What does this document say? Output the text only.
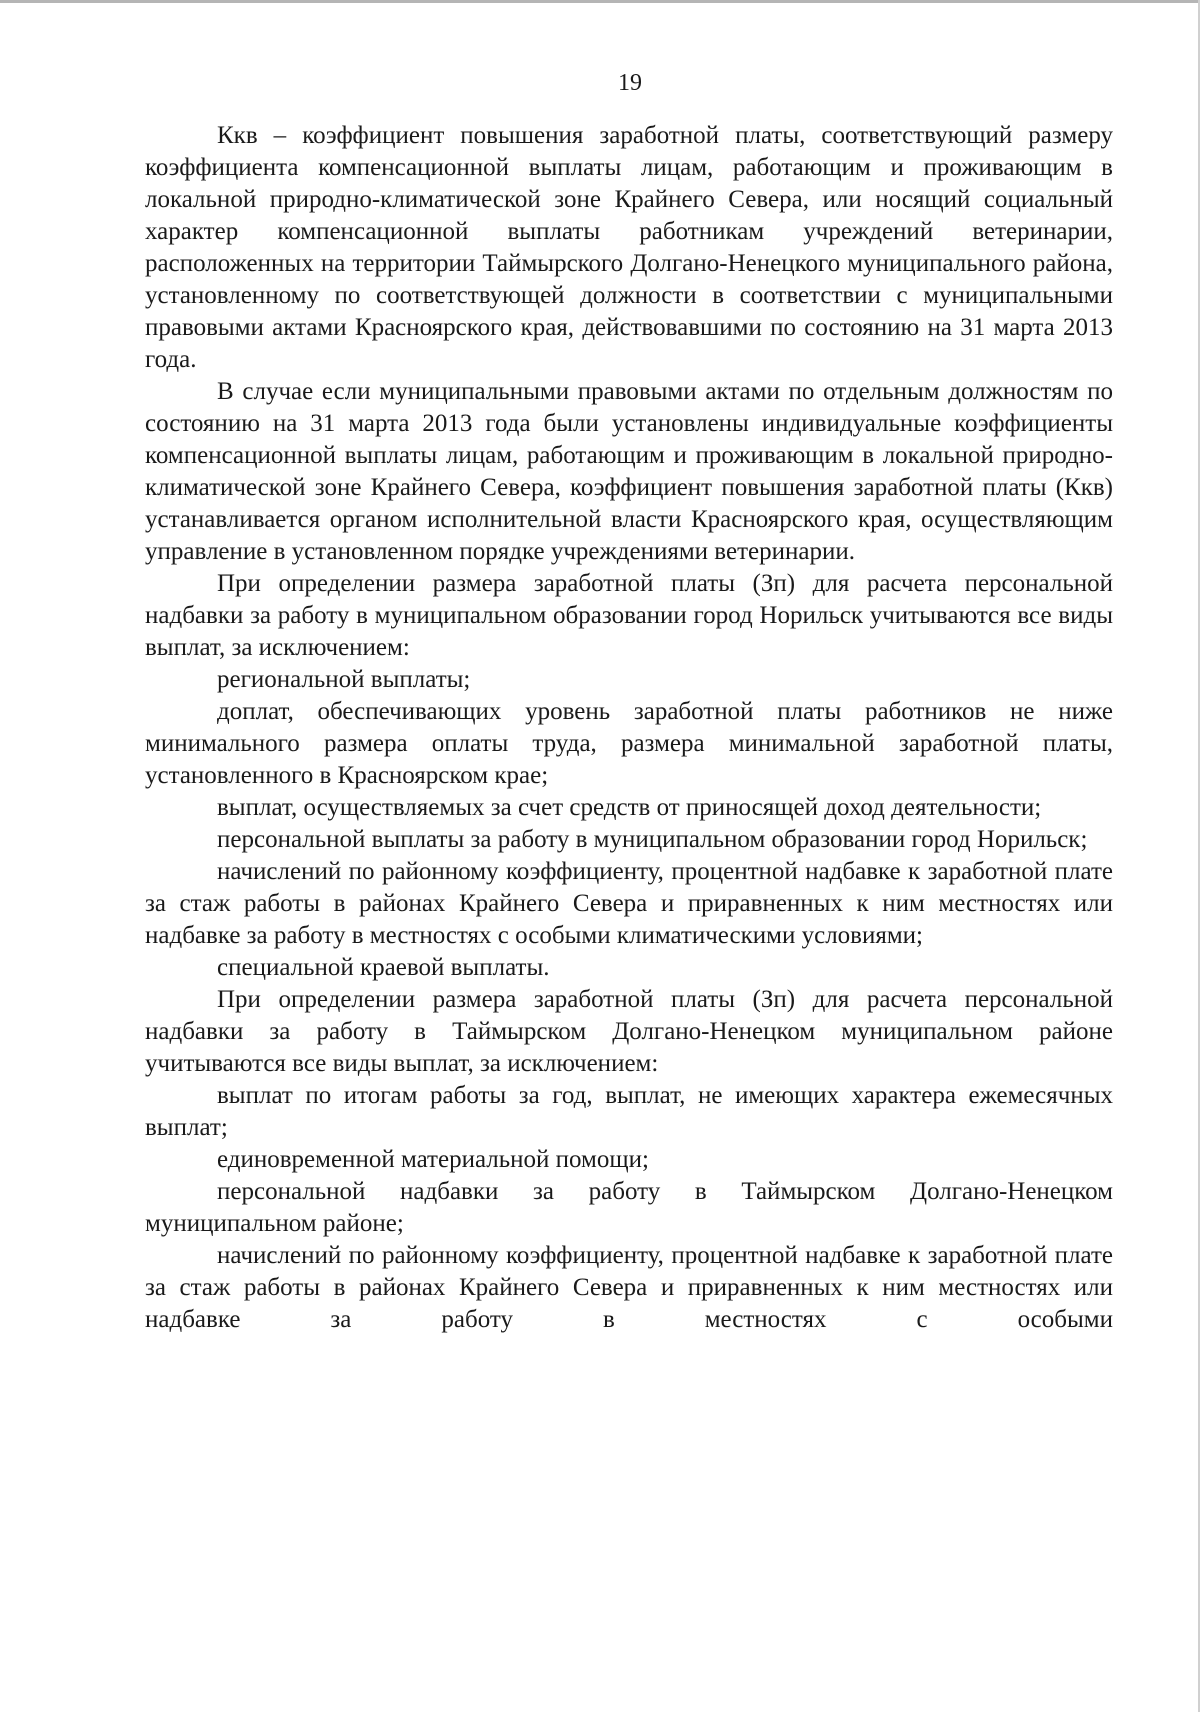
19

Ккв – коэффициент повышения заработной платы, соответствующий размеру коэффициента компенсационной выплаты лицам, работающим и проживающим в локальной природно-климатической зоне Крайнего Севера, или носящий социальный характер компенсационной выплаты работникам учреждений ветеринарии, расположенных на территории Таймырского Долгано-Ненецкого муниципального района, установленному по соответствующей должности в соответствии с муниципальными правовыми актами Красноярского края, действовавшими по состоянию на 31 марта 2013 года.

В случае если муниципальными правовыми актами по отдельным должностям по состоянию на 31 марта 2013 года были установлены индивидуальные коэффициенты компенсационной выплаты лицам, работающим и проживающим в локальной природно-климатической зоне Крайнего Севера, коэффициент повышения заработной платы (Ккв) устанавливается органом исполнительной власти Красноярского края, осуществляющим управление в установленном порядке учреждениями ветеринарии.

При определении размера заработной платы (Зп) для расчета персональной надбавки за работу в муниципальном образовании город Норильск учитываются все виды выплат, за исключением:

региональной выплаты;

доплат, обеспечивающих уровень заработной платы работников не ниже минимального размера оплаты труда, размера минимальной заработной платы, установленного в Красноярском крае;

выплат, осуществляемых за счет средств от приносящей доход деятельности;

персональной выплаты за работу в муниципальном образовании город Норильск;

начислений по районному коэффициенту, процентной надбавке к заработной плате за стаж работы в районах Крайнего Севера и приравненных к ним местностях или надбавке за работу в местностях с особыми климатическими условиями;

специальной краевой выплаты.

При определении размера заработной платы (Зп) для расчета персональной надбавки за работу в Таймырском Долгано-Ненецком муниципальном районе учитываются все виды выплат, за исключением:

выплат по итогам работы за год, выплат, не имеющих характера ежемесячных выплат;

единовременной материальной помощи;

персональной надбавки за работу в Таймырском Долгано-Ненецком муниципальном районе;

начислений по районному коэффициенту, процентной надбавке к заработной плате за стаж работы в районах Крайнего Севера и приравненных к ним местностях или надбавке за работу в местностях с особыми
